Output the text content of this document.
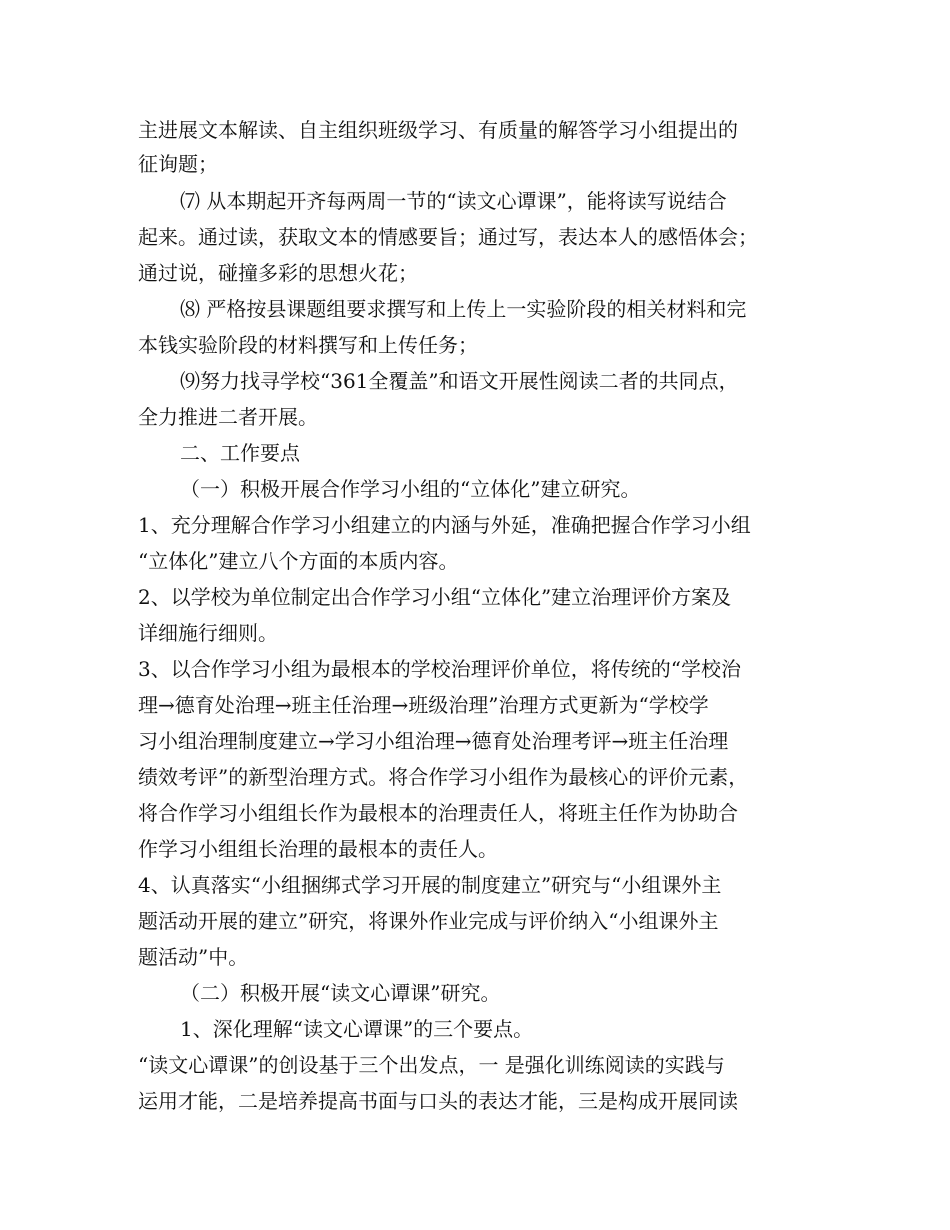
主进展文本解读、自主组织班级学习、有质量的解答学习小组提出的
征询题；
⑺ 从本期起开齐每两周一节的“读文心谭课”，能将读写说结合
起来。通过读，获取文本的情感要旨；通过写，表达本人的感悟体会；
通过说，碰撞多彩的思想火花；
⑻ 严格按县课题组要求撰写和上传上一实验阶段的相关材料和完
本钱实验阶段的材料撰写和上传任务；
⑼努力找寻学校“361全覆盖”和语文开展性阅读二者的共同点，
全力推进二者开展。
二、工作要点
（一）积极开展合作学习小组的“立体化”建立研究。
1、充分理解合作学习小组建立的内涵与外延，准确把握合作学习小组
“立体化”建立八个方面的本质内容。
2、以学校为单位制定出合作学习小组“立体化”建立治理评价方案及
详细施行细则。
3、以合作学习小组为最根本的学校治理评价单位，将传统的“学校治
理→德育处治理→班主任治理→班级治理”治理方式更新为“学校学
习小组治理制度建立→学习小组治理→德育处治理考评→班主任治理
绩效考评”的新型治理方式。将合作学习小组作为最核心的评价元素，
将合作学习小组组长作为最根本的治理责任人，将班主任作为协助合
作学习小组组长治理的最根本的责任人。
4、认真落实“小组捆绑式学习开展的制度建立”研究与“小组课外主
题活动开展的建立”研究，将课外作业完成与评价纳入“小组课外主
题活动”中。
（二）积极开展“读文心谭课”研究。
1、深化理解“读文心谭课”的三个要点。
“读文心谭课”的创设基于三个出发点，一 是强化训练阅读的实践与
运用才能，二是培养提高书面与口头的表达才能，三是构成开展同读
